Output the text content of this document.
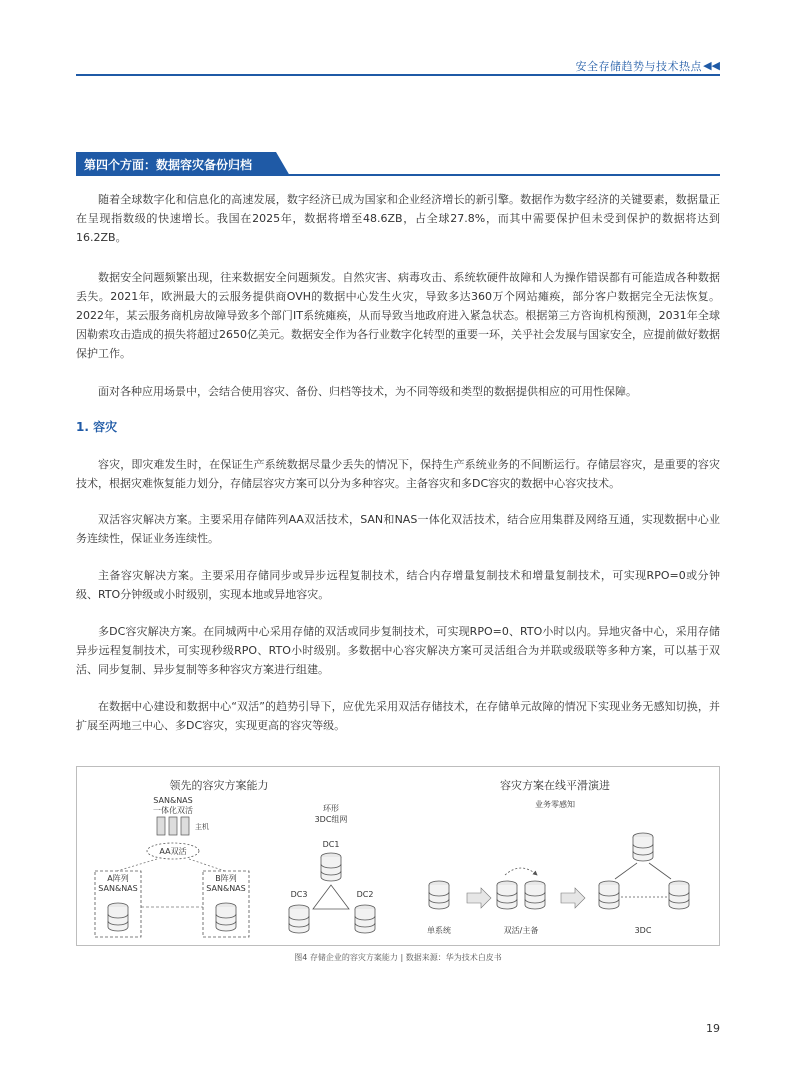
安全存储趋势与技术热点 ◀◀
第四个方面：数据容灾备份归档

随着全球数字化和信息化的高速发展，数字经济已成为国家和企业经济增长的新引擎。数据作为数字经济的关键要素，数据量正在呈现指数级的快速增长。我国在2025年，数据将增至48.6ZB，占全球27.8%，而其中需要保护但未受到保护的数据将达到16.2ZB。

数据安全问题频繁出现，往来数据安全问题频发。自然灾害、病毒攻击、系统软硬件故障和人为操作错误都有可能造成各种数据丢失。2021年，欧洲最大的云服务提供商OVH的数据中心发生火灾，导致多达360万个网站瘫痪，部分客户数据完全无法恢复。2022年，某云服务商机房故障导致多个部门IT系统瘫痪，从而导致当地政府进入紧急状态。根据第三方咨询机构预测，2031年全球因勒索攻击造成的损失将超过2650亿美元。数据安全作为各行业数字化转型的重要一环，关乎社会发展与国家安全，应提前做好数据保护工作。

面对各种应用场景中，会结合使用容灾、备份、归档等技术，为不同等级和类型的数据提供相应的可用性保障。

1. 容灾

容灾，即灾难发生时，在保证生产系统数据尽量少丢失的情况下，保持生产系统业务的不间断运行。存储层容灾，是重要的容灾技术，根据灾难恢复能力划分，存储层容灾方案可以分为多种容灾。主备容灾和多DC容灾的数据中心容灾技术。

双活容灾解决方案。主要采用存储阵列AA双活技术，SAN和NAS一体化双活技术，结合应用集群及网络互通，实现数据中心业务连续性，保证业务连续性。

主备容灾解决方案。主要采用存储同步或异步远程复制技术，结合内存增量复制技术和增量复制技术，可实现RPO=0或分钟级、RTO分钟级或小时级别，实现本地或异地容灾。

多DC容灾解决方案。在同城两中心采用存储的双活或同步复制技术，可实现RPO=0、RTO小时以内。异地灾备中心，采用存储异步远程复制技术，可实现秒级RPO、RTO小时级别。多数据中心容灾解决方案可灵活组合为并联或级联等多种方案，可以基于双活、同步复制、异步复制等多种容灾方案进行组建。

在数据中心建设和数据中心“双活”的趋势引导下，应优先采用双活存储技术，在存储单元故障的情况下实现业务无感知切换，并扩展至两地三中心、多DC容灾，实现更高的容灾等级。

领先的容灾方案能力
SAN&NAS
一体化双活
主机
AA双活
A阵列
SAN&NAS
B阵列
SAN&NAS
环形
3DC组网
DC1
DC3	DC2
容灾方案在线平滑演进
业务零感知
单系统	双活/主备	3DC
图4 存储企业的容灾方案能力 | 数据来源：华为技术白皮书
19
